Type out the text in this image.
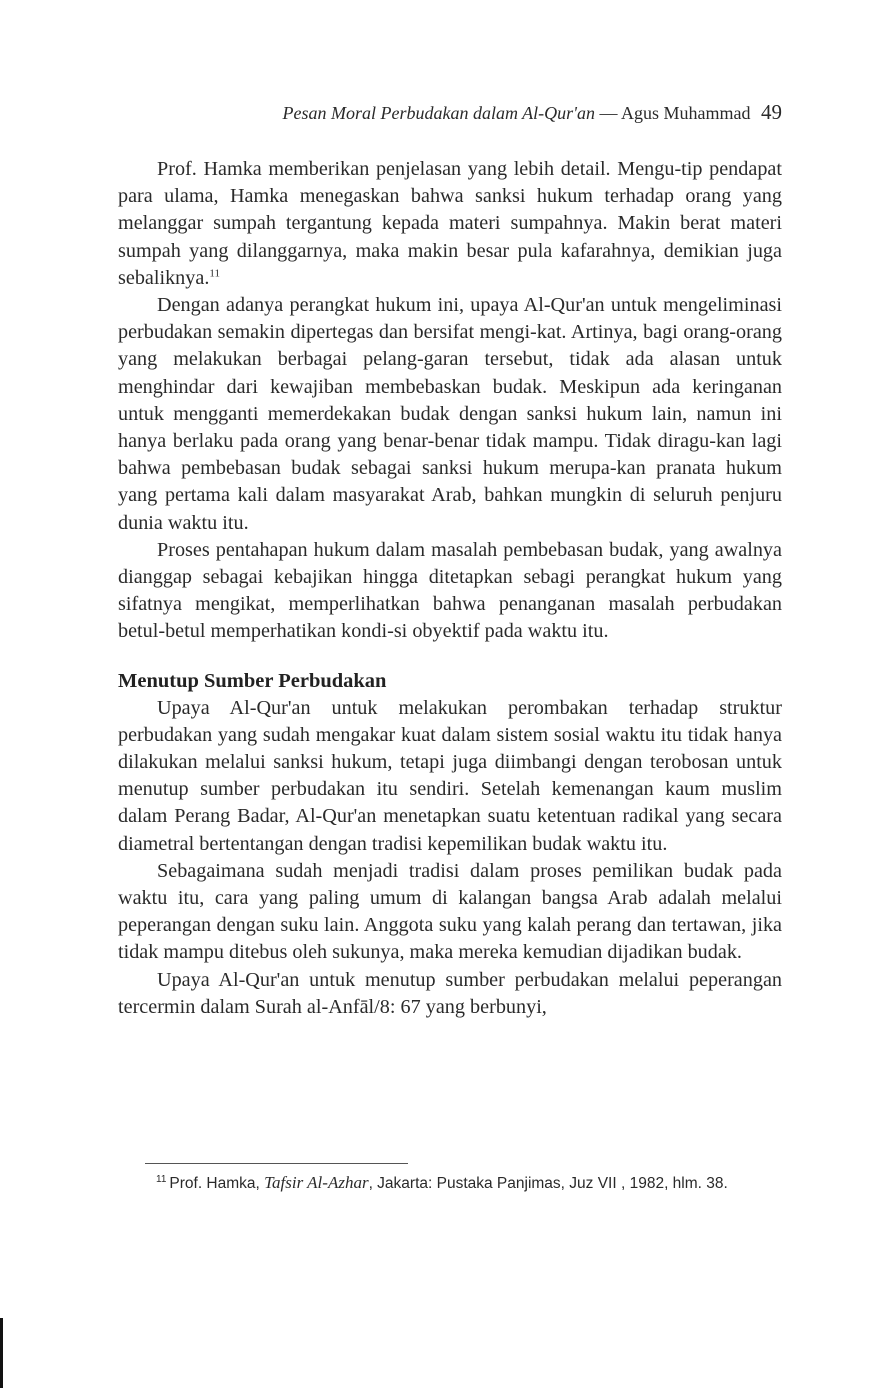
Pesan Moral Perbudakan dalam Al-Qur'an — Agus Muhammad 49

Prof. Hamka memberikan penjelasan yang lebih detail. Mengu-tip pendapat para ulama, Hamka menegaskan bahwa sanksi hukum terhadap orang yang melanggar sumpah tergantung kepada materi sumpahnya. Makin berat materi sumpah yang dilanggarnya, maka makin besar pula kafarahnya, demikian juga sebaliknya.$^{11}$

Dengan adanya perangkat hukum ini, upaya Al-Qur'an untuk mengeliminasi perbudakan semakin dipertegas dan bersifat mengi-kat. Artinya, bagi orang-orang yang melakukan berbagai pelang-garan tersebut, tidak ada alasan untuk menghindar dari kewajiban membebaskan budak. Meskipun ada keringanan untuk mengganti memerdekakan budak dengan sanksi hukum lain, namun ini hanya berlaku pada orang yang benar-benar tidak mampu. Tidak diragu-kan lagi bahwa pembebasan budak sebagai sanksi hukum merupa-kan pranata hukum yang pertama kali dalam masyarakat Arab, bahkan mungkin di seluruh penjuru dunia waktu itu.

Proses pentahapan hukum dalam masalah pembebasan budak, yang awalnya dianggap sebagai kebajikan hingga ditetapkan sebagi perangkat hukum yang sifatnya mengikat, memperlihatkan bahwa penanganan masalah perbudakan betul-betul memperhatikan kondi-si obyektif pada waktu itu.

Menutup Sumber Perbudakan

Upaya Al-Qur'an untuk melakukan perombakan terhadap struktur perbudakan yang sudah mengakar kuat dalam sistem sosial waktu itu tidak hanya dilakukan melalui sanksi hukum, tetapi juga diimbangi dengan terobosan untuk menutup sumber perbudakan itu sendiri. Setelah kemenangan kaum muslim dalam Perang Badar, Al-Qur'an menetapkan suatu ketentuan radikal yang secara diametral bertentangan dengan tradisi kepemilikan budak waktu itu.

Sebagaimana sudah menjadi tradisi dalam proses pemilikan budak pada waktu itu, cara yang paling umum di kalangan bangsa Arab adalah melalui peperangan dengan suku lain. Anggota suku yang kalah perang dan tertawan, jika tidak mampu ditebus oleh sukunya, maka mereka kemudian dijadikan budak.

Upaya Al-Qur'an untuk menutup sumber perbudakan melalui peperangan tercermin dalam Surah al-Anfāl/8: 67 yang berbunyi,

$^{11}$ Prof. Hamka, Tafsir Al-Azhar, Jakarta: Pustaka Panjimas, Juz VII , 1982, hlm. 38.
